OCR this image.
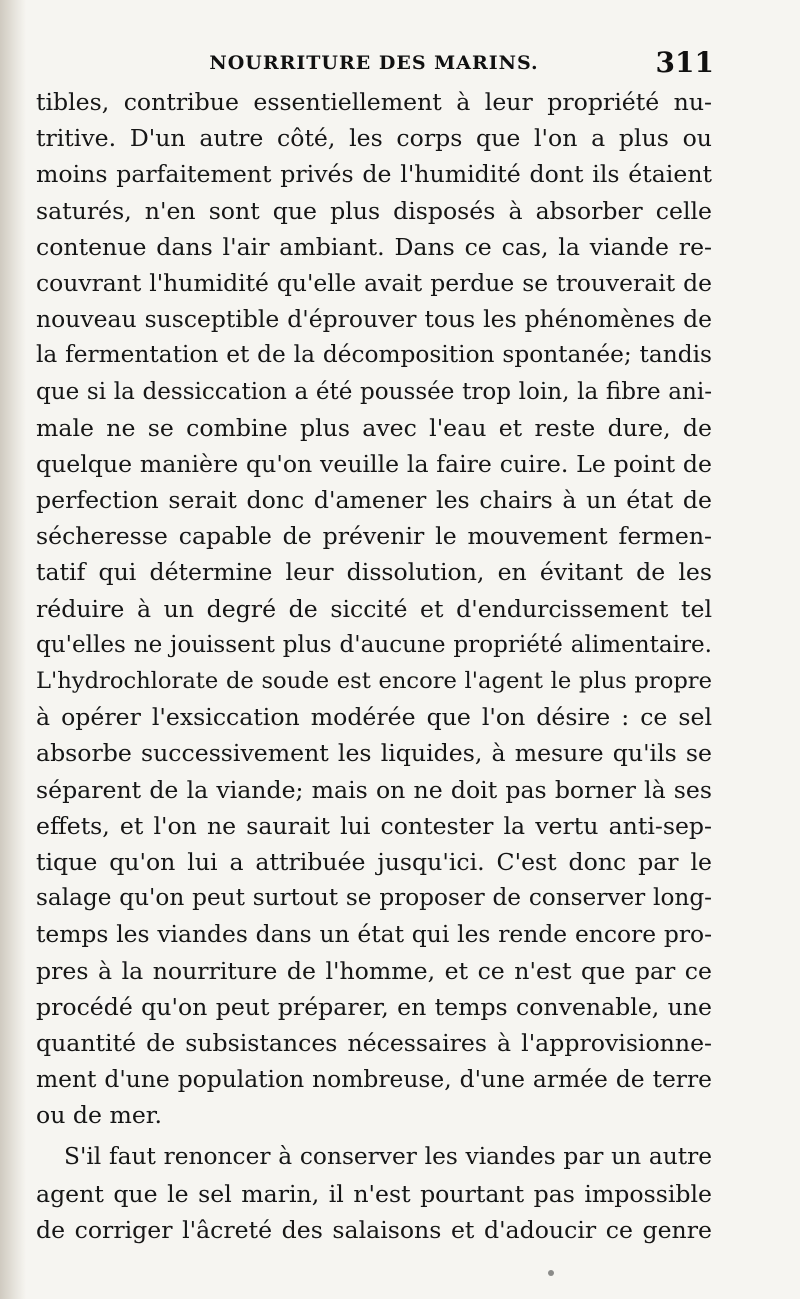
NOURRITURE DES MARINS.	311
tibles, contribue essentiellement à leur propriété nu-
tritive. D'un autre côté, les corps que l'on a plus ou
moins parfaitement privés de l'humidité dont ils étaient
saturés, n'en sont que plus disposés à absorber celle
contenue dans l'air ambiant. Dans ce cas, la viande re-
couvrant l'humidité qu'elle avait perdue se trouverait de
nouveau susceptible d'éprouver tous les phénomènes de
la fermentation et de la décomposition spontanée; tandis
que si la dessiccation a été poussée trop loin, la fibre ani-
male ne se combine plus avec l'eau et reste dure, de
quelque manière qu'on veuille la faire cuire. Le point de
perfection serait donc d'amener les chairs à un état de
sécheresse capable de prévenir le mouvement fermen-
tatif qui détermine leur dissolution, en évitant de les
réduire à un degré de siccité et d'endurcissement tel
qu'elles ne jouissent plus d'aucune propriété alimentaire.
L'hydrochlorate de soude est encore l'agent le plus propre
à opérer l'exsiccation modérée que l'on désire : ce sel
absorbe successivement les liquides, à mesure qu'ils se
séparent de la viande; mais on ne doit pas borner là ses
effets, et l'on ne saurait lui contester la vertu anti-sep-
tique qu'on lui a attribuée jusqu'ici. C'est donc par le
salage qu'on peut surtout se proposer de conserver long-
temps les viandes dans un état qui les rende encore pro-
pres à la nourriture de l'homme, et ce n'est que par ce
procédé qu'on peut préparer, en temps convenable, une
quantité de subsistances nécessaires à l'approvisionne-
ment d'une population nombreuse, d'une armée de terre
ou de mer.
S'il faut renoncer à conserver les viandes par un autre
agent que le sel marin, il n'est pourtant pas impossible
de corriger l'âcreté des salaisons et d'adoucir ce genre
